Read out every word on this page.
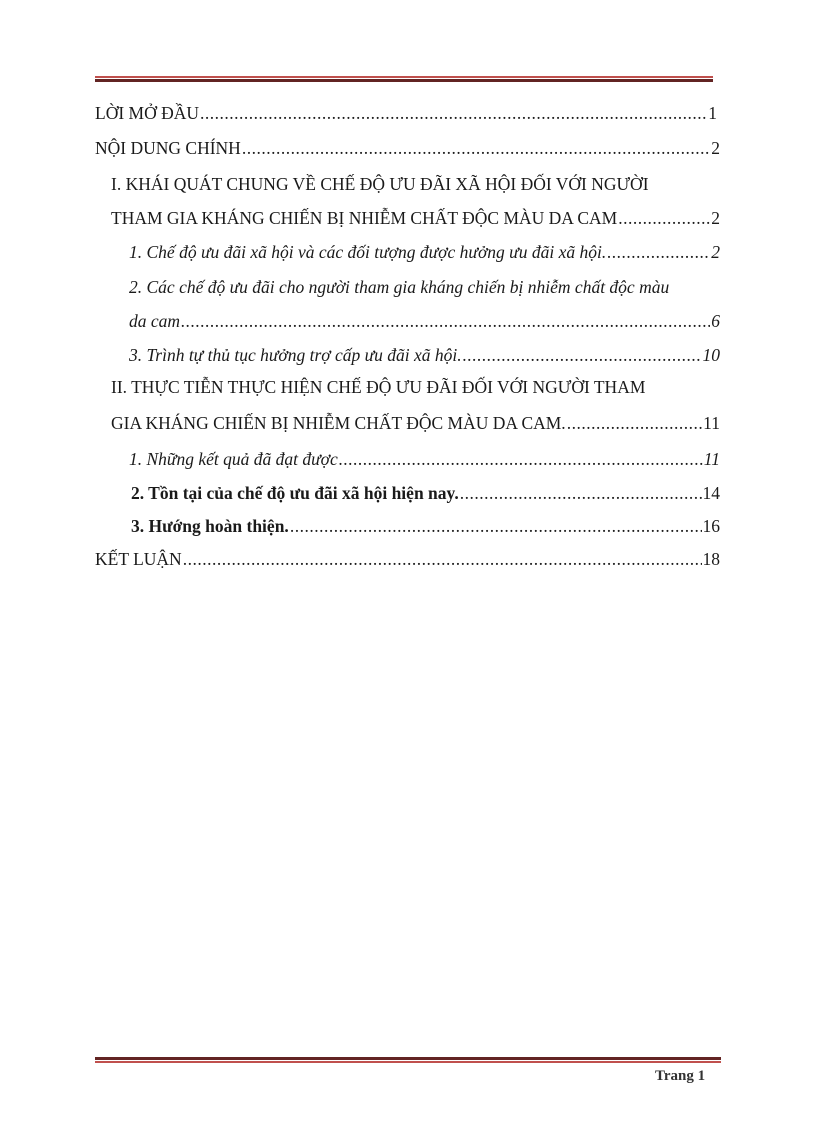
LỜI MỞ ĐẦU .....	1
NỘI DUNG CHÍNH .....	2
I. KHÁI QUÁT CHUNG VỀ CHẾ ĐỘ ƯU ĐÃI XÃ HỘI ĐỐI VỚI NGƯỜI
THAM GIA KHÁNG CHIẾN BỊ NHIỄM CHẤT ĐỘC MÀU DA CAM .....	2
1. Chế độ ưu đãi xã hội và các đối tượng được hưởng ưu đãi xã hội. .....	2
2. Các chế độ ưu đãi cho người tham gia kháng chiến bị nhiễm chất độc màu
da cam .....	6
3. Trình tự thủ tục hưởng trợ cấp ưu đãi xã hội. .....	10
II. THỰC TIỄN THỰC HIỆN CHẾ ĐỘ ƯU ĐÃI ĐỐI VỚI NGƯỜI THAM
GIA KHÁNG CHIẾN BỊ NHIỄM CHẤT ĐỘC MÀU DA CAM. .....	11
1. Những kết quả đã đạt được .....	11
2. Tồn tại của chế độ ưu đãi xã hội hiện nay. .....	14
3. Hướng hoàn thiện. .....	16
KẾT LUẬN .....	18
Trang 1
